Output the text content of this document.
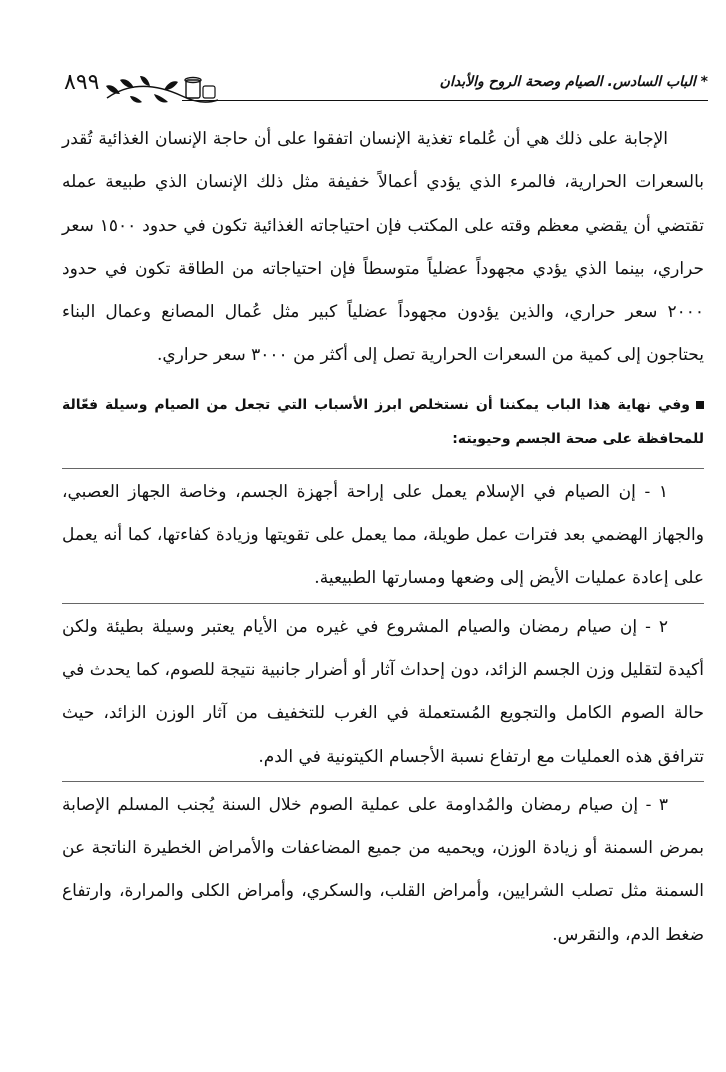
* الباب السادس. الصيام وصحة الروح والأبدان
٨٩٩

الإجابة على ذلك هي أن عُلماء تغذية الإنسان اتفقوا على أن حاجة الإنسان الغذائية تُقدر بالسعرات الحرارية، فالمرء الذي يؤدي أعمالاً خفيفة مثل ذلك الإنسان الذي طبيعة عمله تقتضي أن يقضي معظم وقته على المكتب فإن احتياجاته الغذائية تكون في حدود ١٥٠٠ سعر حراري، بينما الذي يؤدي مجهوداً عضلياً متوسطاً فإن احتياجاته من الطاقة تكون في حدود ٢٠٠٠ سعر حراري، والذين يؤدون مجهوداً عضلياً كبير مثل عُمال المصانع وعمال البناء يحتاجون إلى كمية من السعرات الحرارية تصل إلى أكثر من ٣٠٠٠ سعر حراري.

وفي نهاية هذا الباب يمكننا أن نستخلص ابرز الأسباب التي تجعل من الصيام وسيلة فعّالة للمحافظة على صحة الجسم وحيويته:

١ - إن الصيام في الإسلام يعمل على إراحة أجهزة الجسم، وخاصة الجهاز العصبي، والجهاز الهضمي بعد فترات عمل طويلة، مما يعمل على تقويتها وزيادة كفاءتها، كما أنه يعمل على إعادة عمليات الأيض إلى وضعها ومسارتها الطبيعية.

٢ - إن صيام رمضان والصيام المشروع في غيره من الأيام يعتبر وسيلة بطيئة ولكن أكيدة لتقليل وزن الجسم الزائد، دون إحداث آثار أو أضرار جانبية نتيجة للصوم، كما يحدث في حالة الصوم الكامل والتجويع المُستعملة في الغرب للتخفيف من آثار الوزن الزائد، حيث تترافق هذه العمليات مع ارتفاع نسبة الأجسام الكيتونية في الدم.

٣ - إن صيام رمضان والمُداومة على عملية الصوم خلال السنة يُجنب المسلم الإصابة بمرض السمنة أو زيادة الوزن، ويحميه من جميع المضاعفات والأمراض الخطيرة الناتجة عن السمنة مثل تصلب الشرايين، وأمراض القلب، والسكري، وأمراض الكلى والمرارة، وارتفاع ضغط الدم، والنقرس.
